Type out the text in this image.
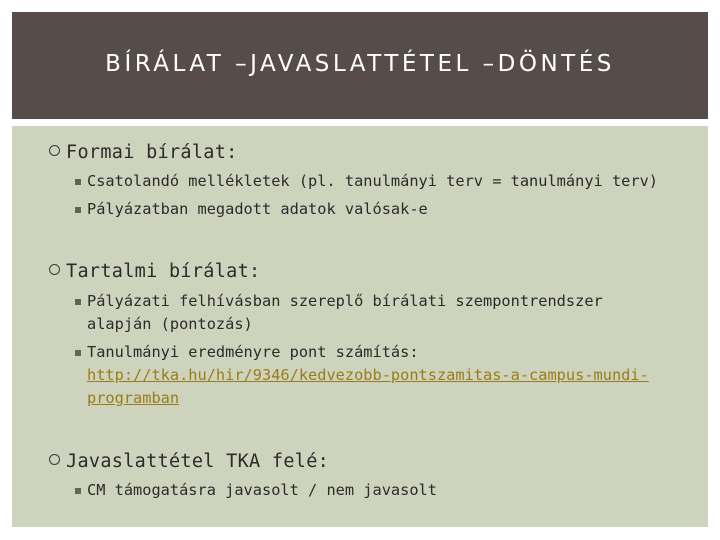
BÍRÁLAT –JAVASLATTÉTEL –DÖNTÉS
Formai bírálat:
Csatolandó mellékletek (pl. tanulmányi terv = tanulmányi terv)
Pályázatban megadott adatok valósak-e
Tartalmi bírálat:
Pályázati felhívásban szereplő bírálati szempontrendszer alapján (pontozás)
Tanulmányi eredményre pont számítás: http://tka.hu/hir/9346/kedvezobb-pontszamitas-a-campus-mundi-programban
Javaslattétel TKA felé:
CM támogatásra javasolt / nem javasolt
